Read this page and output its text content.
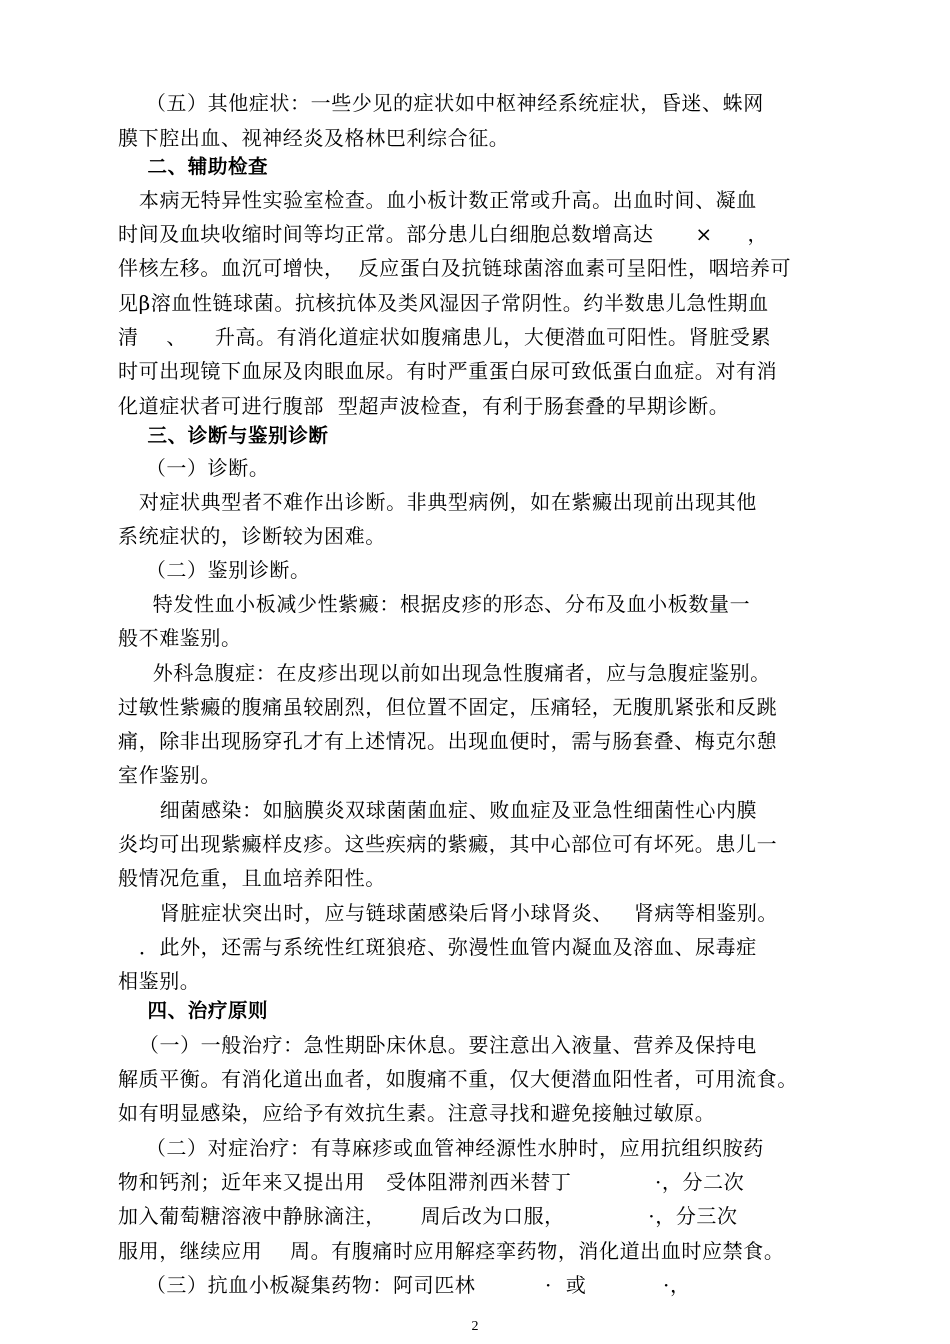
（五）其他症状：一些少见的症状如中枢神经系统症状，昏迷、蛛网
膜下腔出血、视神经炎及格林巴利综合征。
二、辅助检查
本病无特异性实验室检查。血小板计数正常或升高。出血时间、凝血
时间及血块收缩时间等均正常。部分患儿白细胞总数增高达      ×     ，
伴核左移。血沉可增快，  反应蛋白及抗链球菌溶血素可呈阳性，咽培养可
见β溶血性链球菌。抗核抗体及类风湿因子常阴性。约半数患儿急性期血
清    、    升高。有消化道症状如腹痛患儿，大便潜血可阳性。肾脏受累
时可出现镜下血尿及肉眼血尿。有时严重蛋白尿可致低蛋白血症。对有消
化道症状者可进行腹部  型超声波检查，有利于肠套叠的早期诊断。
三、诊断与鉴别诊断
（一）诊断。
对症状典型者不难作出诊断。非典型病例，如在紫癜出现前出现其他
系统症状的，诊断较为困难。
（二）鉴别诊断。
特发性血小板减少性紫癜：根据皮疹的形态、分布及血小板数量一
般不难鉴别。
外科急腹症：在皮疹出现以前如出现急性腹痛者，应与急腹症鉴别。
过敏性紫癜的腹痛虽较剧烈，但位置不固定，压痛轻，无腹肌紧张和反跳
痛，除非出现肠穿孔才有上述情况。出现血便时，需与肠套叠、梅克尔憩
室作鉴别。
细菌感染：如脑膜炎双球菌菌血症、败血症及亚急性细菌性心内膜
炎均可出现紫癜样皮疹。这些疾病的紫癜，其中心部位可有坏死。患儿一
般情况危重，且血培养阳性。
肾脏症状突出时，应与链球菌感染后肾小球肾炎、   肾病等相鉴别。
．此外，还需与系统性红斑狼疮、弥漫性血管内凝血及溶血、尿毒症
相鉴别。
四、治疗原则
（一）一般治疗：急性期卧床休息。要注意出入液量、营养及保持电
解质平衡。有消化道出血者，如腹痛不重，仅大便潜血阳性者，可用流食。
如有明显感染，应给予有效抗生素。注意寻找和避免接触过敏原。
（二）对症治疗：有荨麻疹或血管神经源性水肿时，应用抗组织胺药
物和钙剂；近年来又提出用   受体阻滞剂西米替丁            ·，分二次
加入葡萄糖溶液中静脉滴注，     周后改为口服，            ·，分三次
服用，继续应用    周。有腹痛时应用解痉挛药物，消化道出血时应禁食。
（三）抗血小板凝集药物：阿司匹林          ·  或           ·，
2
